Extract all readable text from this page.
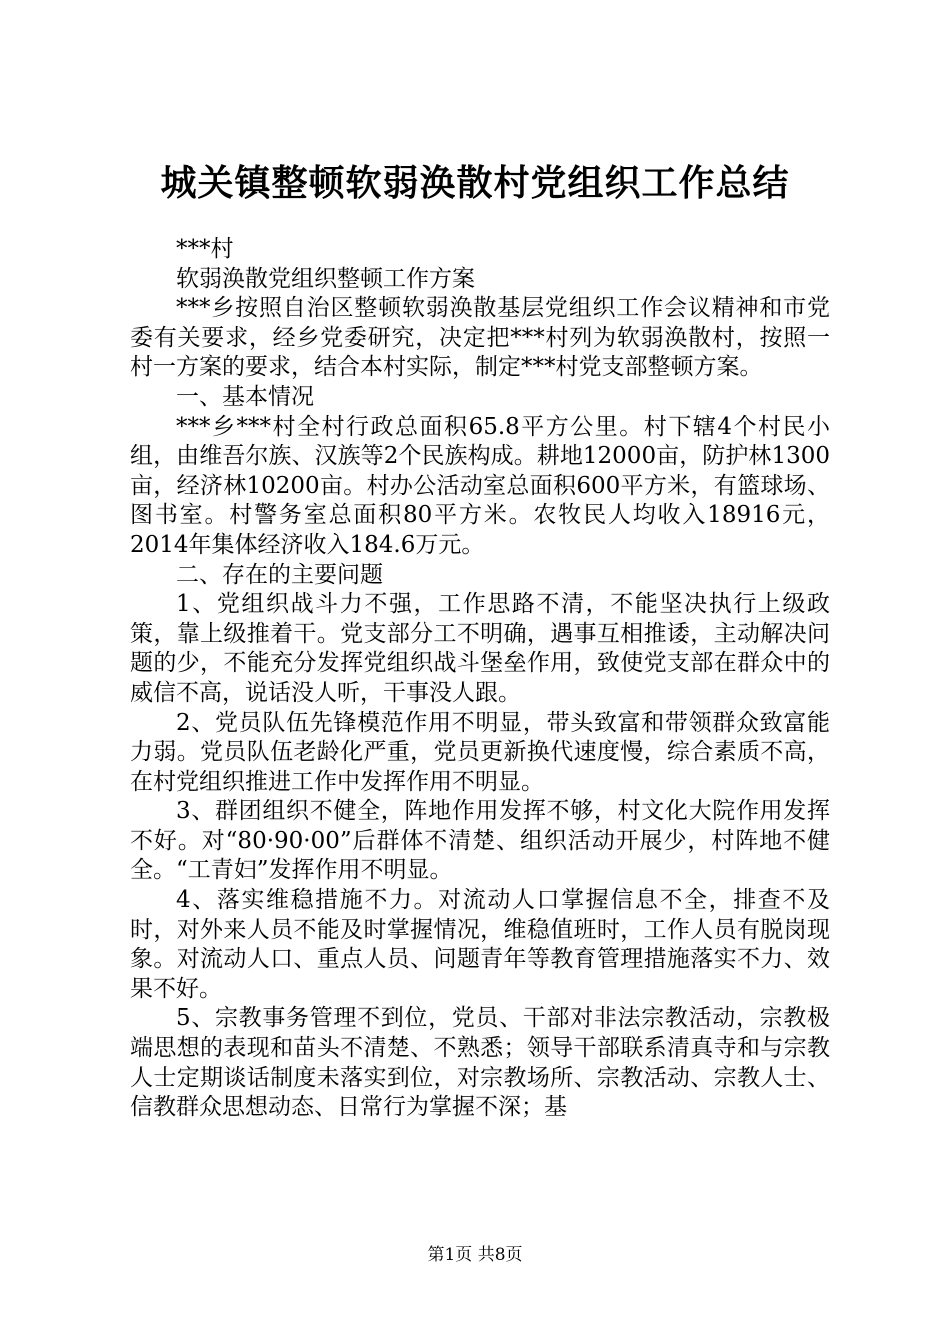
城关镇整顿软弱涣散村党组织工作总结

***村

软弱涣散党组织整顿工作方案

***乡按照自治区整顿软弱涣散基层党组织工作会议精神和市党委有关要求，经乡党委研究，决定把***村列为软弱涣散村，按照一村一方案的要求，结合本村实际，制定***村党支部整顿方案。

一、基本情况

***乡***村全村行政总面积65.8平方公里。村下辖4个村民小组，由维吾尔族、汉族等2个民族构成。耕地12000亩，防护林1300亩，经济林10200亩。村办公活动室总面积600平方米，有篮球场、图书室。村警务室总面积80平方米。农牧民人均收入18916元，2014年集体经济收入184.6万元。

二、存在的主要问题

1、党组织战斗力不强，工作思路不清，不能坚决执行上级政策，靠上级推着干。党支部分工不明确，遇事互相推诿，主动解决问题的少，不能充分发挥党组织战斗堡垒作用，致使党支部在群众中的威信不高，说话没人听，干事没人跟。

2、党员队伍先锋模范作用不明显，带头致富和带领群众致富能力弱。党员队伍老龄化严重，党员更新换代速度慢，综合素质不高，在村党组织推进工作中发挥作用不明显。

3、群团组织不健全，阵地作用发挥不够，村文化大院作用发挥不好。对“80·90·00”后群体不清楚、组织活动开展少，村阵地不健全。“工青妇”发挥作用不明显。

4、落实维稳措施不力。对流动人口掌握信息不全，排查不及时，对外来人员不能及时掌握情况，维稳值班时，工作人员有脱岗现象。对流动人口、重点人员、问题青年等教育管理措施落实不力、效果不好。

5、宗教事务管理不到位，党员、干部对非法宗教活动，宗教极端思想的表现和苗头不清楚、不熟悉；领导干部联系清真寺和与宗教人士定期谈话制度未落实到位，对宗教场所、宗教活动、宗教人士、信教群众思想动态、日常行为掌握不深；基

第1页 共8页
